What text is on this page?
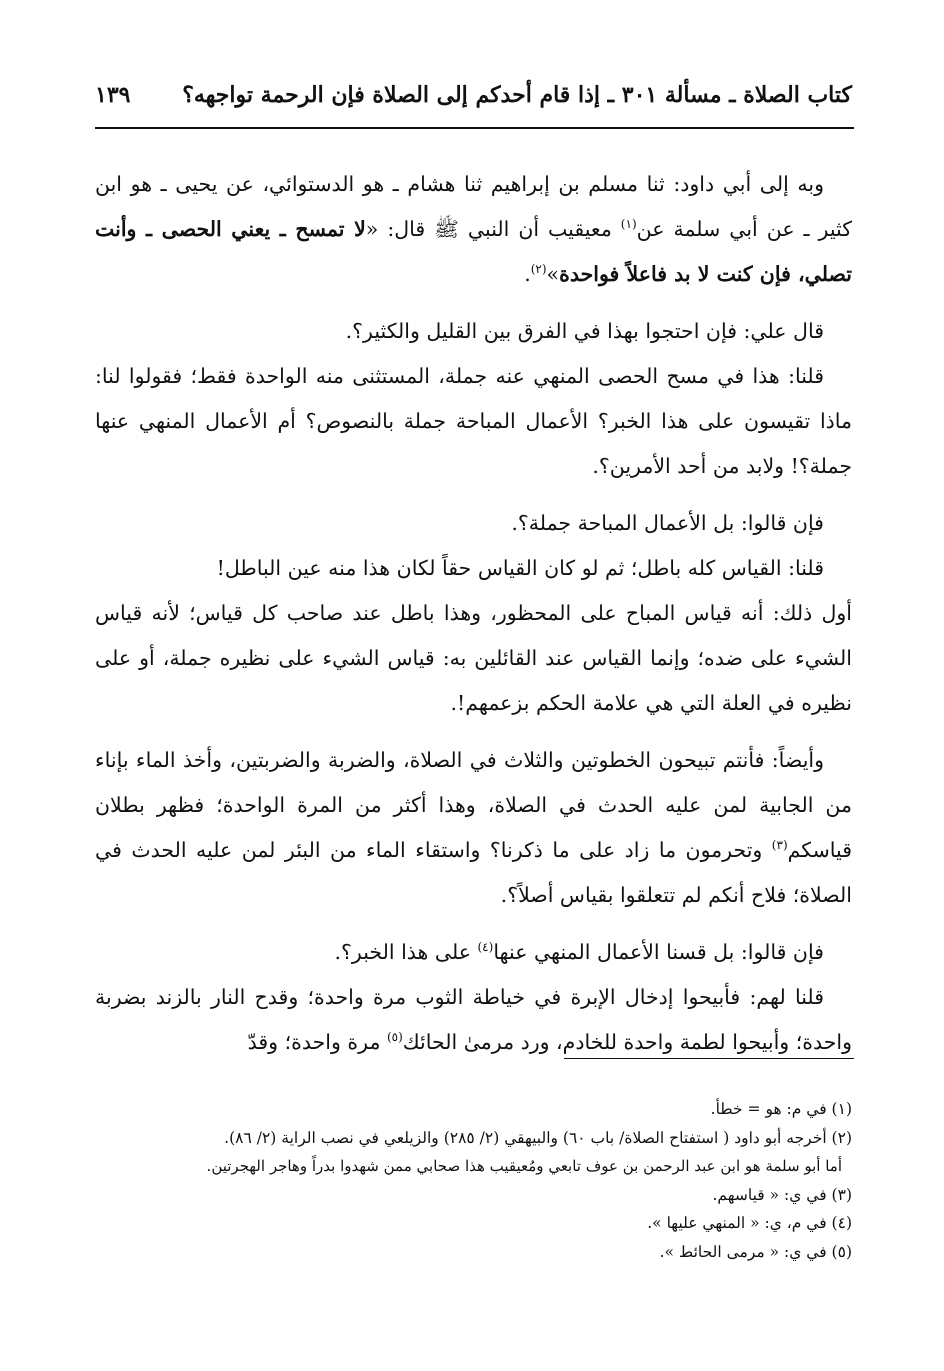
كتاب الصلاة ـ مسألة ٣٠١ ـ إذا قام أحدكم إلى الصلاة فإن الرحمة تواجهه؟
١٣٩

وبه إلى أبي داود: ثنا مسلم بن إبراهيم ثنا هشام ـ هو الدستوائي، عن يحيى ـ هو ابن كثير ـ عن أبي سلمة عن$^{(١)}$ معيقيب أن النبي ﷺ قال: «لا تمسح ـ يعني الحصى ـ وأنت تصلي، فإن كنت لا بد فاعلاً فواحدة»$^{(٢)}$.

قال علي: فإن احتجوا بهذا في الفرق بين القليل والكثير؟.

قلنا: هذا في مسح الحصى المنهي عنه جملة، المستثنى منه الواحدة فقط؛ فقولوا لنا: ماذا تقيسون على هذا الخبر؟ الأعمال المباحة جملة بالنصوص؟ أم الأعمال المنهي عنها جملة؟! ولابد من أحد الأمرين؟.

فإن قالوا: بل الأعمال المباحة جملة؟.

قلنا: القياس كله باطل؛ ثم لو كان القياس حقاً لكان هذا منه عين الباطل!

أول ذلك: أنه قياس المباح على المحظور، وهذا باطل عند صاحب كل قياس؛ لأنه قياس الشيء على ضده؛ وإنما القياس عند القائلين به: قياس الشيء على نظيره جملة، أو على نظيره في العلة التي هي علامة الحكم بزعمهم!.

وأيضاً: فأنتم تبيحون الخطوتين والثلاث في الصلاة، والضربة والضربتين، وأخذ الماء بإناء من الجابية لمن عليه الحدث في الصلاة، وهذا أكثر من المرة الواحدة؛ فظهر بطلان قياسكم$^{(٣)}$ وتحرمون ما زاد على ما ذكرنا؟ واستقاء الماء من البئر لمن عليه الحدث في الصلاة؛ فلاح أنكم لم تتعلقوا بقياس أصلاً؟.

فإن قالوا: بل قسنا الأعمال المنهي عنها$^{(٤)}$ على هذا الخبر؟.

قلنا لهم: فأبيحوا إدخال الإبرة في خياطة الثوب مرة واحدة؛ وقدح النار بالزند بضربة واحدة؛ وأبيحوا لطمة واحدة للخادم، ورد مرمىٰ الحائك$^{(٥)}$ مرة واحدة؛ وقدّ

(١) في م: هو = خطأ.
(٢) أخرجه أبو داود ( استفتاح الصلاة/ باب ٦٠) والبيهقي (٢/ ٢٨٥) والزيلعي في نصب الراية (٢/ ٨٦).
أما أبو سلمة هو ابن عبد الرحمن بن عوف تابعي ومُعيقيب هذا صحابي ممن شهدوا بدراً وهاجر الهجرتين.
(٣) في ي: « قياسهم.
(٤) في م، ي: « المنهي عليها ».
(٥) في ي: « مرمى الحائط ».
